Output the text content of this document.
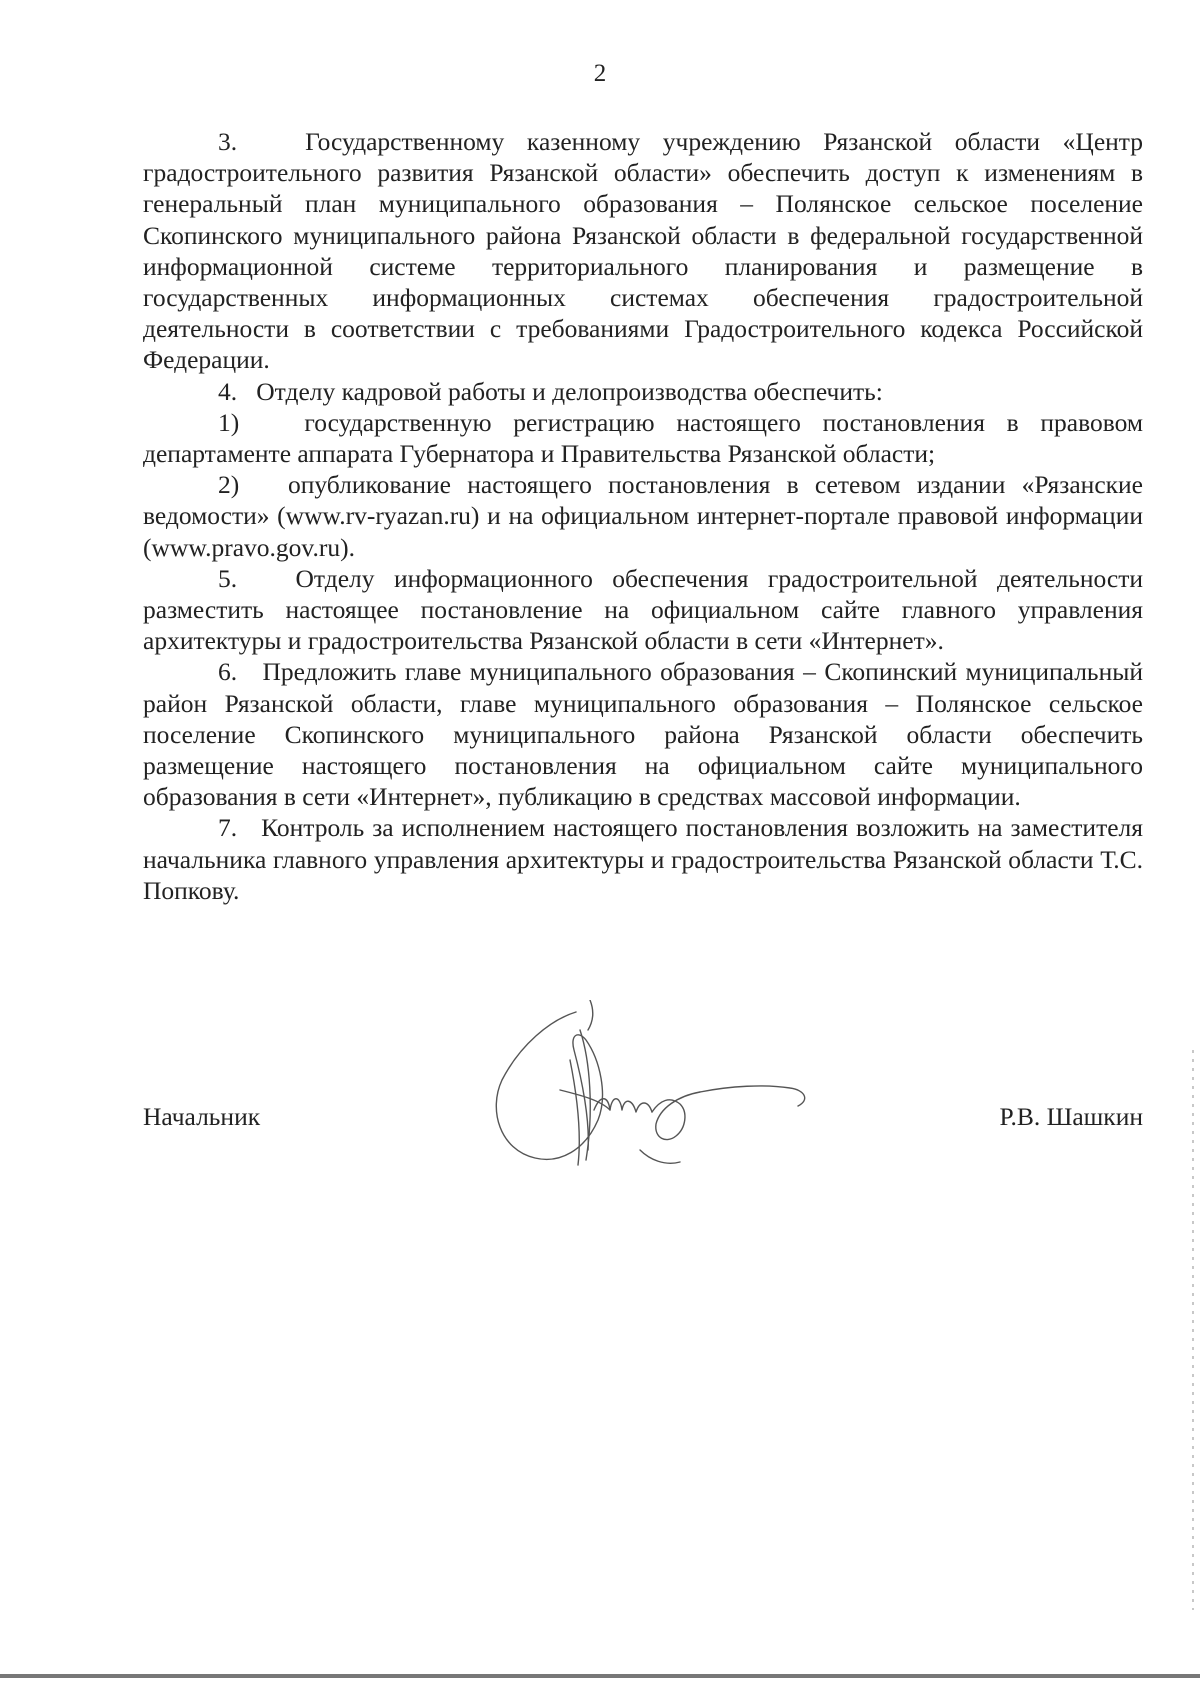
2

3.   Государственному казенному учреждению Рязанской области «Центр градостроительного развития Рязанской области» обеспечить доступ к изменениям в генеральный план муниципального образования – Полянское сельское поселение Скопинского муниципального района Рязанской области в федеральной государственной информационной системе территориального планирования и размещение в государственных информационных системах обеспечения градостроительной деятельности в соответствии с требованиями Градостроительного кодекса Российской Федерации.

4.   Отделу кадровой работы и делопроизводства обеспечить:

1)   государственную регистрацию настоящего постановления в правовом департаменте аппарата Губернатора и Правительства Рязанской области;

2)   опубликование настоящего постановления в сетевом издании «Рязанские ведомости» (www.rv-ryazan.ru) и на официальном интернет-портале правовой информации (www.pravo.gov.ru).

5.   Отделу информационного обеспечения градостроительной деятельности разместить настоящее постановление на официальном сайте главного управления архитектуры и градостроительства Рязанской области в сети «Интернет».

6.   Предложить главе муниципального образования – Скопинский муниципальный район Рязанской области, главе муниципального образования – Полянское сельское поселение Скопинского муниципального района Рязанской области обеспечить размещение настоящего постановления на официальном сайте муниципального образования в сети «Интернет», публикацию в средствах массовой информации.

7.   Контроль за исполнением настоящего постановления возложить на заместителя начальника главного управления архитектуры и градостроительства Рязанской области Т.С. Попкову.

Начальник	Р.В. Шашкин
